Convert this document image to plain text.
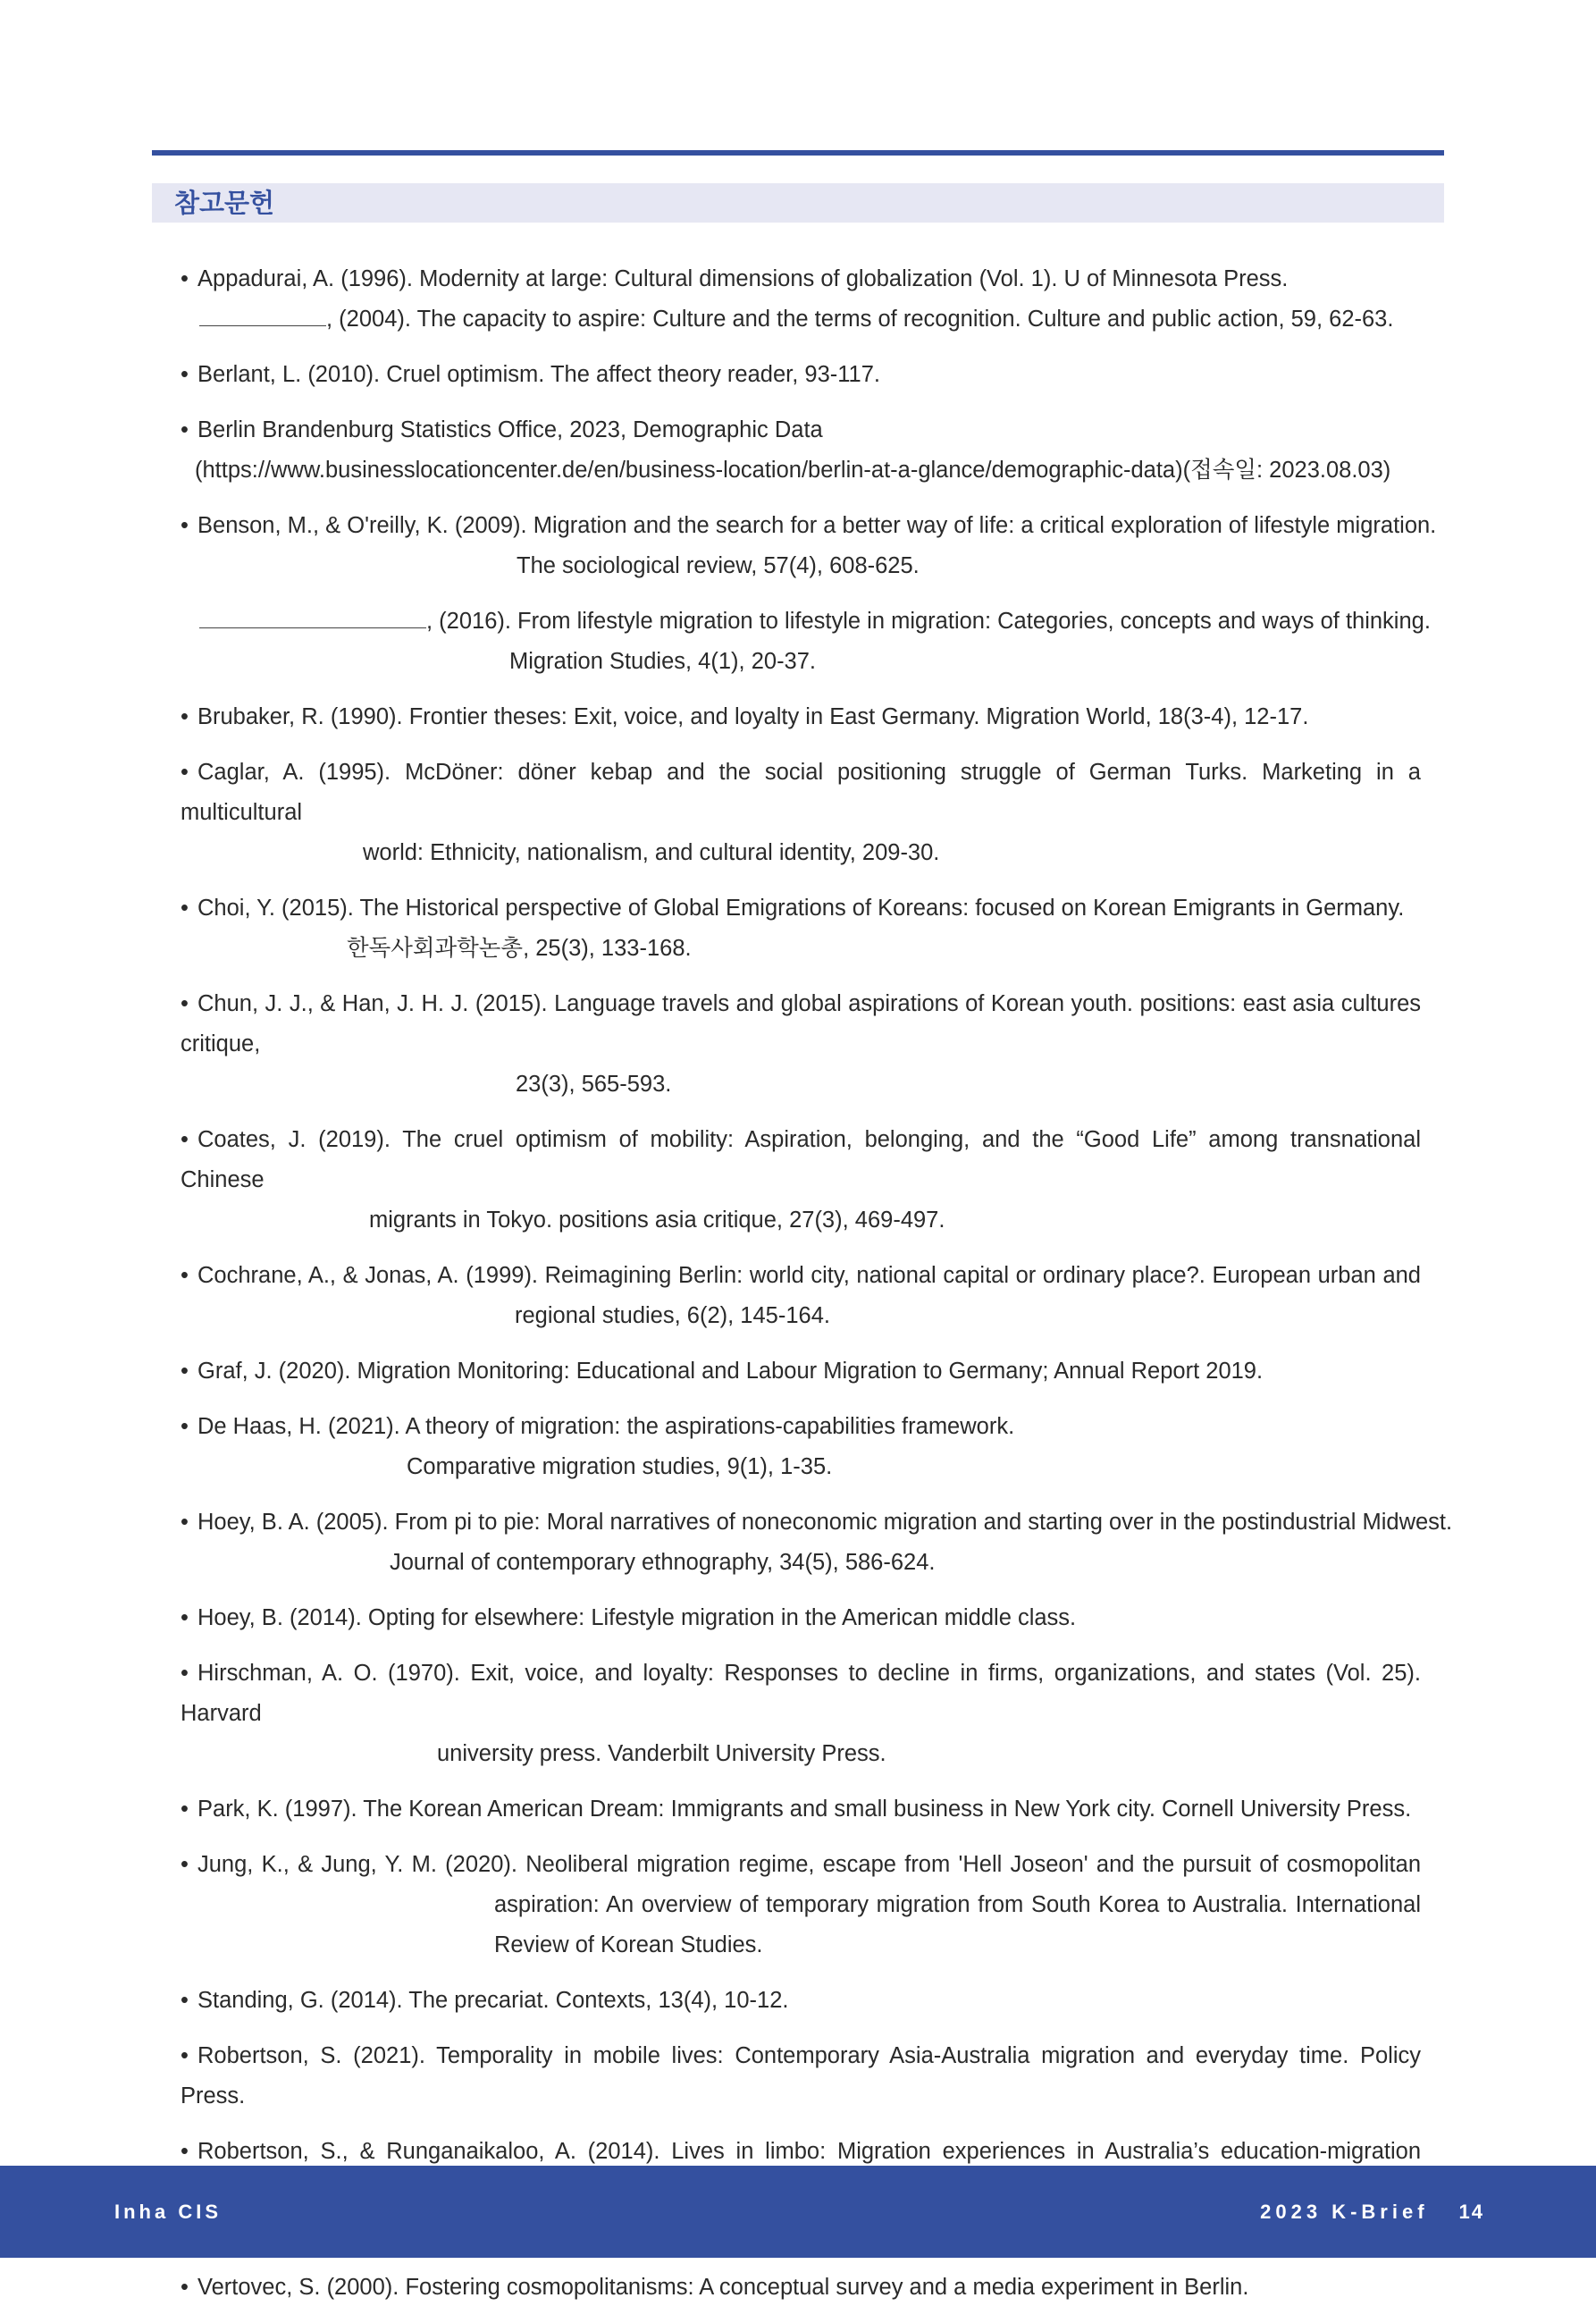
참고문헌
• Appadurai, A. (1996). Modernity at large: Cultural dimensions of globalization (Vol. 1). U of Minnesota Press.
, (2004). The capacity to aspire: Culture and the terms of recognition. Culture and public action, 59, 62-63.
• Berlant, L. (2010). Cruel optimism. The affect theory reader, 93-117.
• Berlin Brandenburg Statistics Office, 2023, Demographic Data
(https://www.businesslocationcenter.de/en/business-location/berlin-at-a-glance/demographic-data)(접속일: 2023.08.03)
• Benson, M., & O'reilly, K. (2009). Migration and the search for a better way of life: a critical exploration of lifestyle migration.
The sociological review, 57(4), 608-625.
, (2016). From lifestyle migration to lifestyle in migration: Categories, concepts and ways of thinking.
Migration Studies, 4(1), 20-37.
• Brubaker, R. (1990). Frontier theses: Exit, voice, and loyalty in East Germany. Migration World, 18(3-4), 12-17.
• Caglar, A. (1995). McDöner: döner kebap and the social positioning struggle of German Turks. Marketing in a multicultural
world: Ethnicity, nationalism, and cultural identity, 209-30.
• Choi, Y. (2015). The Historical perspective of Global Emigrations of Koreans: focused on Korean Emigrants in Germany.
한독사회과학논총, 25(3), 133-168.
• Chun, J. J., & Han, J. H. J. (2015). Language travels and global aspirations of Korean youth. positions: east asia cultures critique,
23(3), 565-593.
• Coates, J. (2019). The cruel optimism of mobility: Aspiration, belonging, and the “Good Life” among transnational Chinese
migrants in Tokyo. positions asia critique, 27(3), 469-497.
• Cochrane, A., & Jonas, A. (1999). Reimagining Berlin: world city, national capital or ordinary place?. European urban and
regional studies, 6(2), 145-164.
• Graf, J. (2020). Migration Monitoring: Educational and Labour Migration to Germany; Annual Report 2019.
• De Haas, H. (2021). A theory of migration: the aspirations-capabilities framework.
Comparative migration studies, 9(1), 1-35.
• Hoey, B. A. (2005). From pi to pie: Moral narratives of noneconomic migration and starting over in the postindustrial Midwest.
Journal of contemporary ethnography, 34(5), 586-624.
• Hoey, B. (2014). Opting for elsewhere: Lifestyle migration in the American middle class.
• Hirschman, A. O. (1970). Exit, voice, and loyalty: Responses to decline in firms, organizations, and states (Vol. 25). Harvard
university press. Vanderbilt University Press.
• Park, K. (1997). The Korean American Dream: Immigrants and small business in New York city. Cornell University Press.
• Jung, K., & Jung, Y. M. (2020). Neoliberal migration regime, escape from 'Hell Joseon' and the pursuit of cosmopolitan
aspiration: An overview of temporary migration from South Korea to Australia. International
Review of Korean Studies.
• Standing, G. (2014). The precariat. Contexts, 13(4), 10-12.
• Robertson, S. (2021). Temporality in mobile lives: Contemporary Asia-Australia migration and everyday time. Policy Press.
• Robertson, S., & Runganaikaloo, A. (2014). Lives in limbo: Migration experiences in Australia’s education-migration
• Vertovec, S. (2000). Fostering cosmopolitanisms: A conceptual survey and a media experiment in Berlin.
Inha CIS	2023 K-Brief 14
